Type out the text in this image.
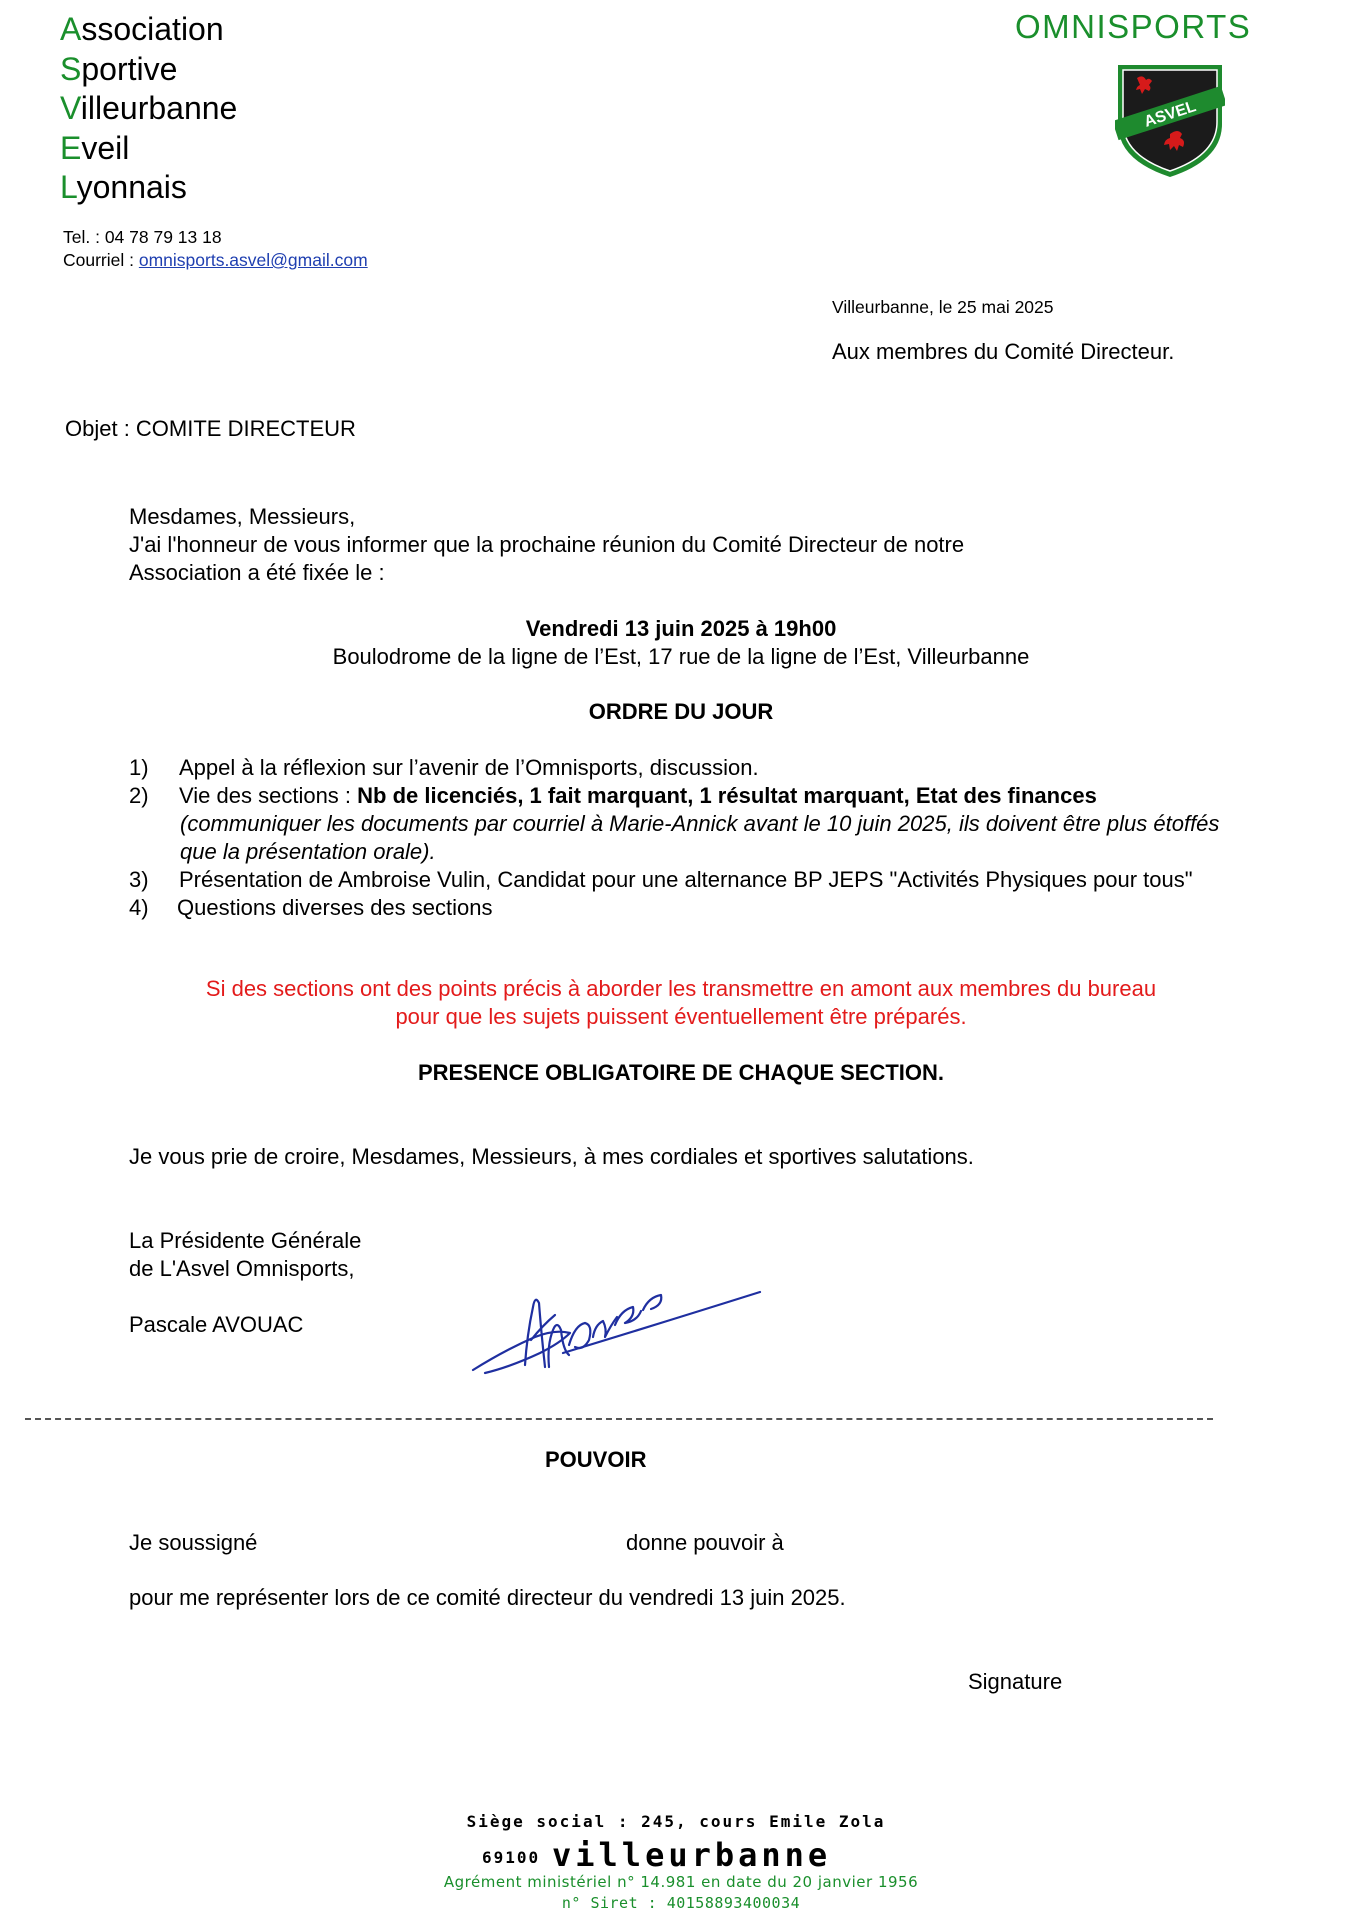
Association
Sportive
Villeurbanne
Eveil
Lyonnais
Tel. : 04 78 79 13 18
Courriel : omnisports.asvel@gmail.com
OMNISPORTS
ASVEL
Villeurbanne, le 25 mai 2025
Aux membres du Comité Directeur.
Objet : COMITE DIRECTEUR
Mesdames, Messieurs,
J'ai l'honneur de vous informer que la prochaine réunion du Comité Directeur de notre
Association a été fixée le :
Vendredi 13 juin 2025 à 19h00
Boulodrome de la ligne de l’Est, 17 rue de la ligne de l’Est, Villeurbanne
ORDRE DU JOUR
1) Appel à la réflexion sur l’avenir de l’Omnisports, discussion.
2) Vie des sections : Nb de licenciés, 1 fait marquant, 1 résultat marquant, Etat des finances
(communiquer les documents par courriel à Marie-Annick avant le 10 juin 2025, ils doivent être plus étoffés
que la présentation orale).
3) Présentation de Ambroise Vulin, Candidat pour une alternance BP JEPS "Activités Physiques pour tous"
4) Questions diverses des sections
Si des sections ont des points précis à aborder les transmettre en amont aux membres du bureau
pour que les sujets puissent éventuellement être préparés.
PRESENCE OBLIGATOIRE DE CHAQUE SECTION.
Je vous prie de croire, Mesdames, Messieurs, à mes cordiales et sportives salutations.
La Présidente Générale
de L'Asvel Omnisports,
Pascale AVOUAC
POUVOIR
Je soussigné	donne pouvoir à
pour me représenter lors de ce comité directeur du vendredi 13 juin 2025.
Signature
Siège social : 245, cours Emile Zola
69100 villeurbanne
Agrément ministériel n° 14.981 en date du 20 janvier 1956
n° Siret : 40158893400034
